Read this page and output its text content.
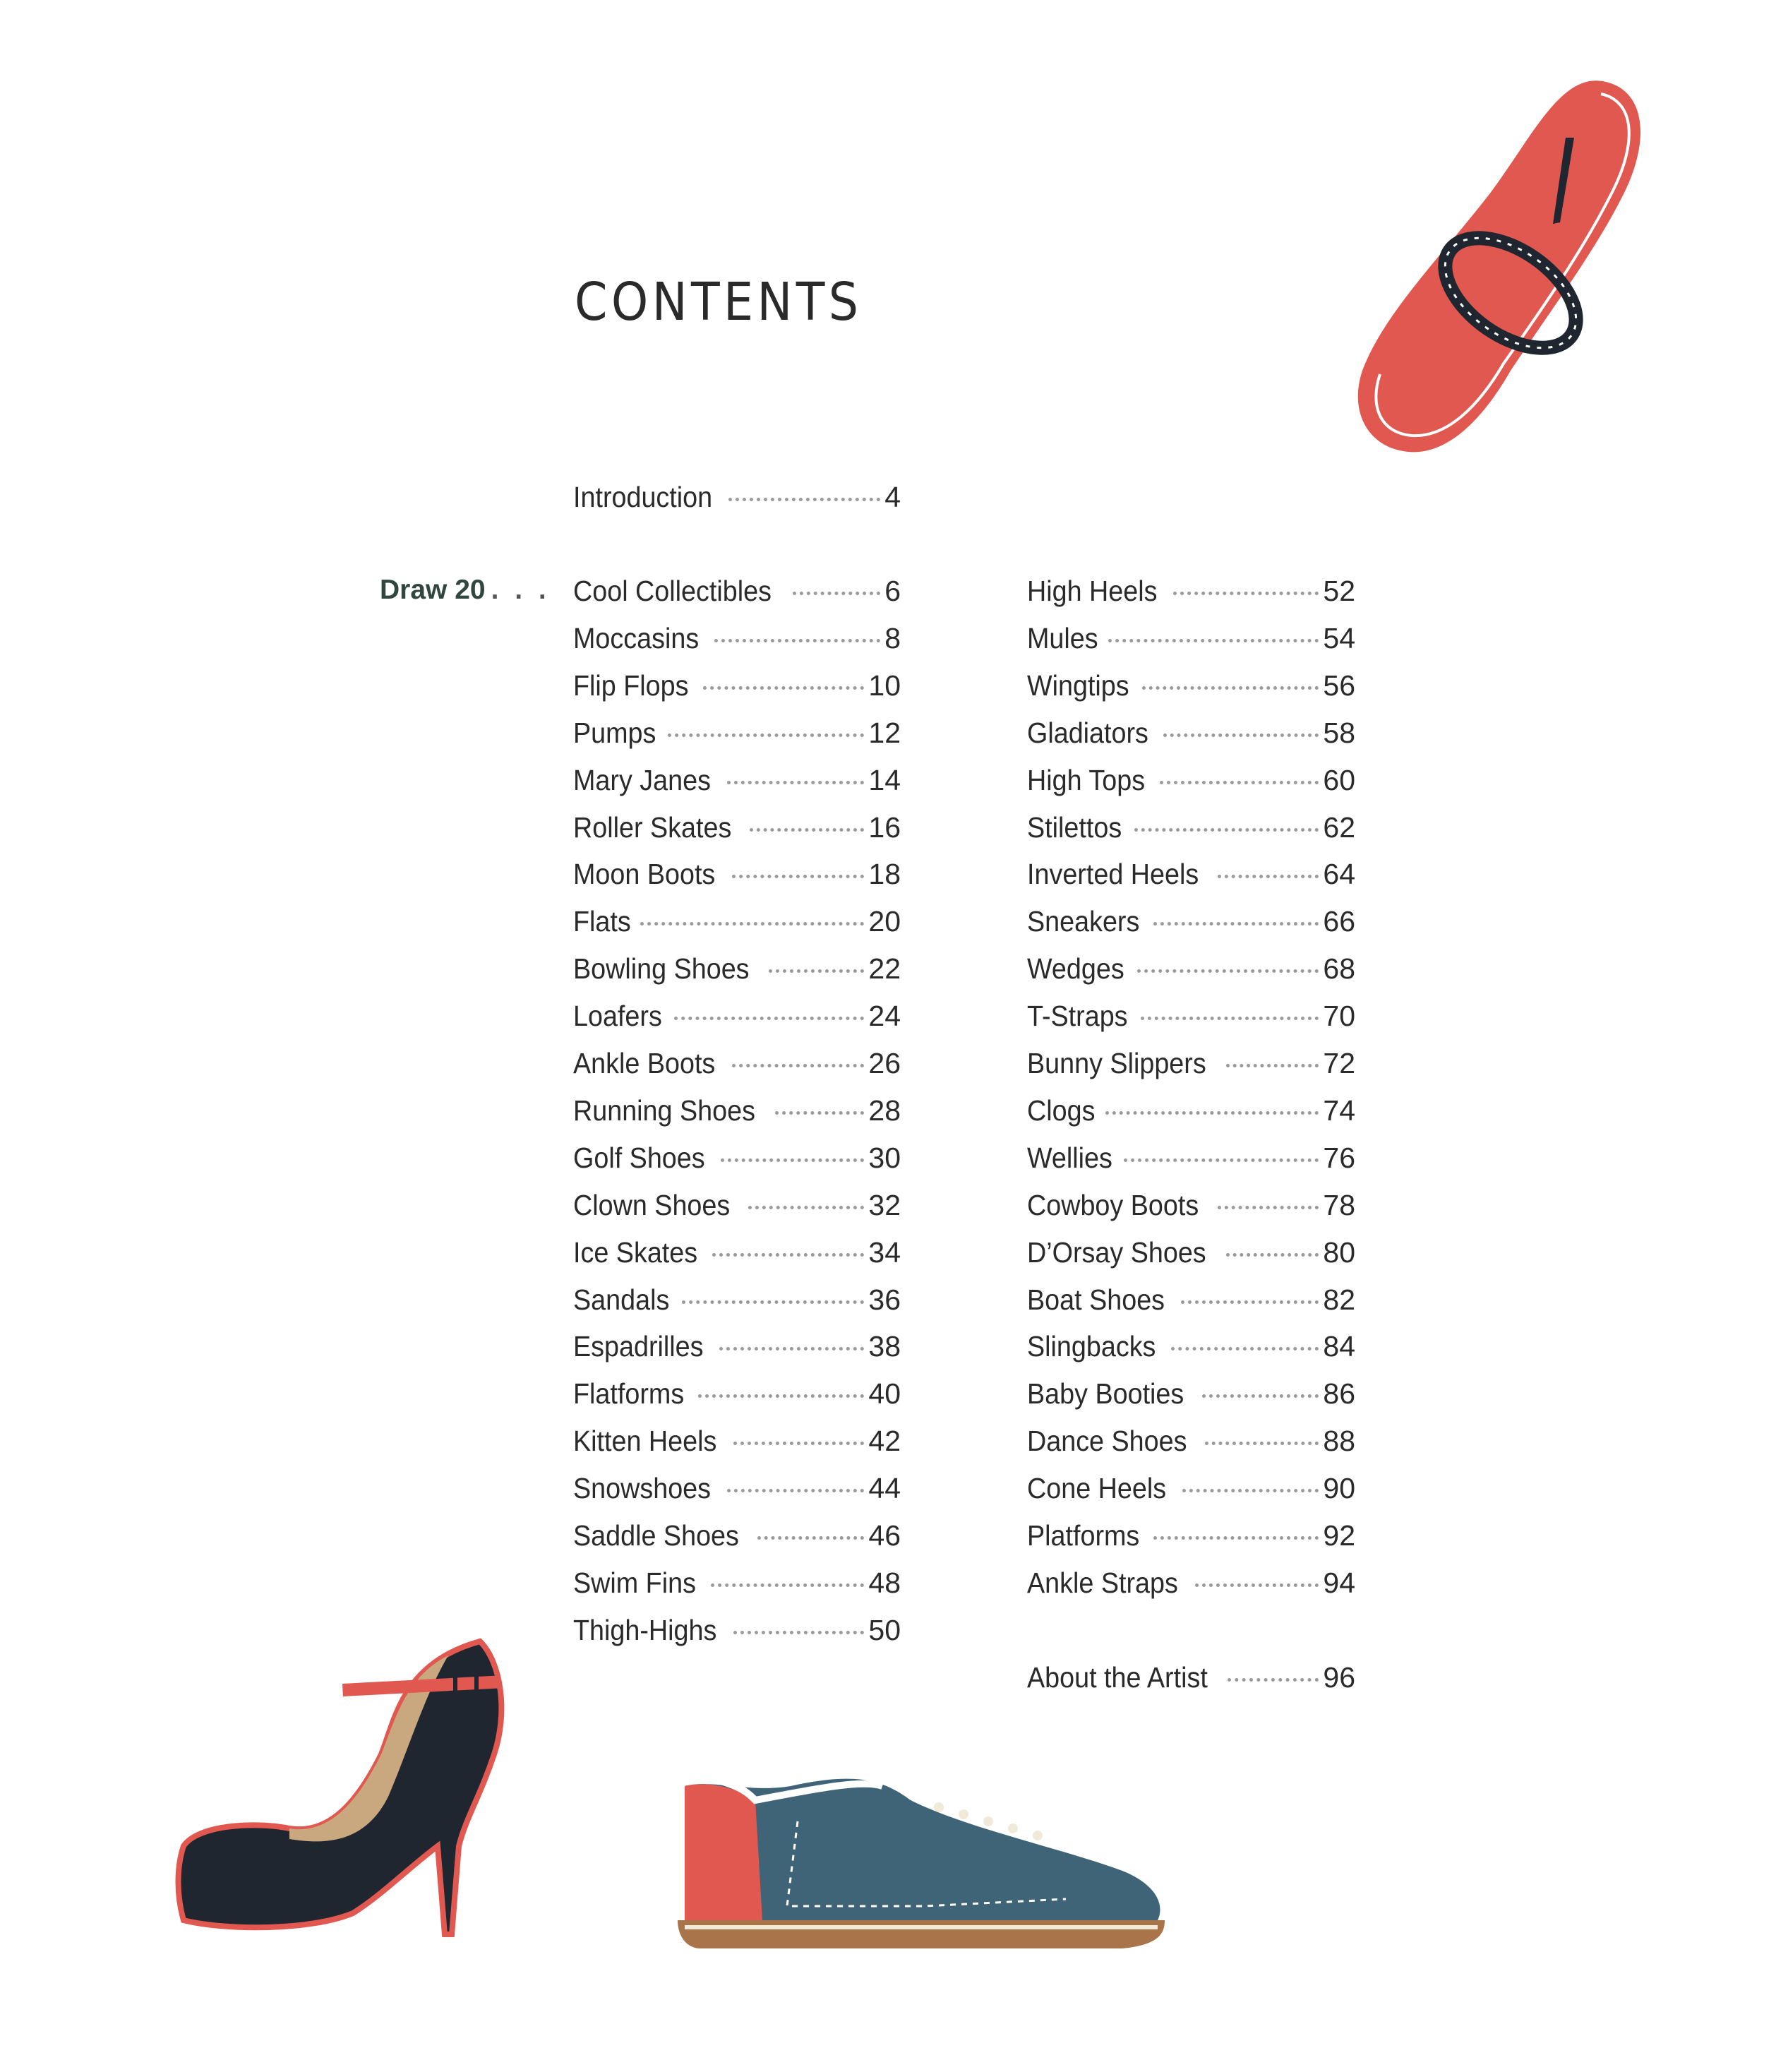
CONTENTS
Introduction	4
Draw 20 . . . Cool Collectibles	6
Moccasins	8
Flip Flops	10
Pumps	12
Mary Janes	14
Roller Skates	16
Moon Boots	18
Flats	20
Bowling Shoes	22
Loafers	24
Ankle Boots	26
Running Shoes	28
Golf Shoes	30
Clown Shoes	32
Ice Skates	34
Sandals	36
Espadrilles	38
Flatforms	40
Kitten Heels	42
Snowshoes	44
Saddle Shoes	46
Swim Fins	48
Thigh-Highs	50
High Heels	52
Mules	54
Wingtips	56
Gladiators	58
High Tops	60
Stilettos	62
Inverted Heels	64
Sneakers	66
Wedges	68
T-Straps	70
Bunny Slippers	72
Clogs	74
Wellies	76
Cowboy Boots	78
D’Orsay Shoes	80
Boat Shoes	82
Slingbacks	84
Baby Booties	86
Dance Shoes	88
Cone Heels	90
Platforms	92
Ankle Straps	94
About the Artist	96
